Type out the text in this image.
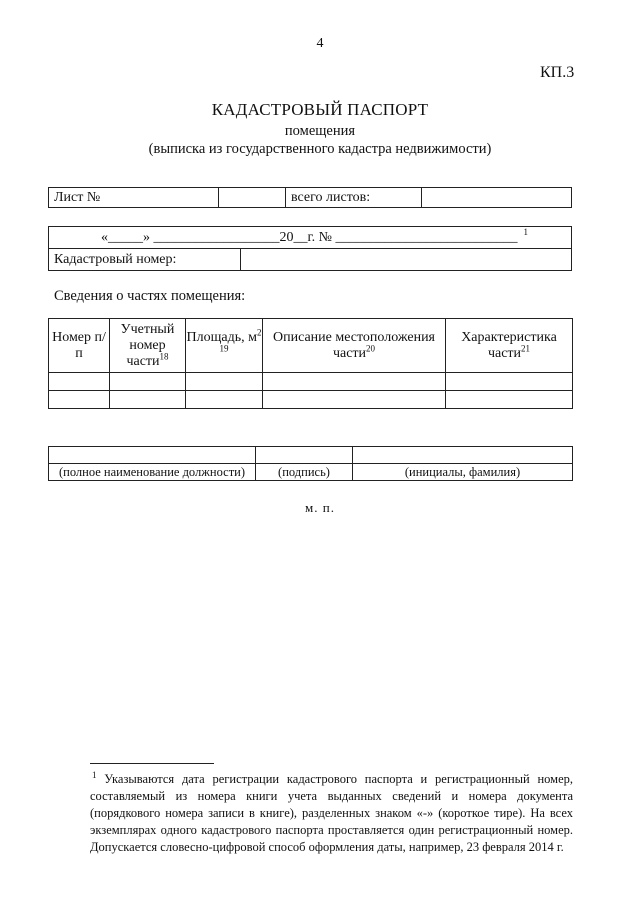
4
КП.3
КАДАСТРОВЫЙ ПАСПОРТ
помещения
(выписка из государственного кадастра недвижимости)
Лист №		всего листов:	
«_____» __________________20__г. № __________________________ $^1$
Кадастровый номер:	
Сведения о частях помещения:
Номер п/п	Учетный номер части$^{18}$	Площадь, $м^{2 19}$	Описание местоположения части$^{20}$	Характеристика части$^{21}$

(полное наименование должности)	(подпись)	(инициалы, фамилия)
м. п.
$^1$ Указываются дата регистрации кадастрового паспорта и регистрационный номер, составляемый из номера книги учета выданных сведений и номера документа (порядкового номера записи в книге), разделенных знаком «-» (короткое тире). На всех экземплярах одного кадастрового паспорта проставляется один регистрационный номер. Допускается словесно-цифровой способ оформления даты, например, 23 февраля 2014 г.
